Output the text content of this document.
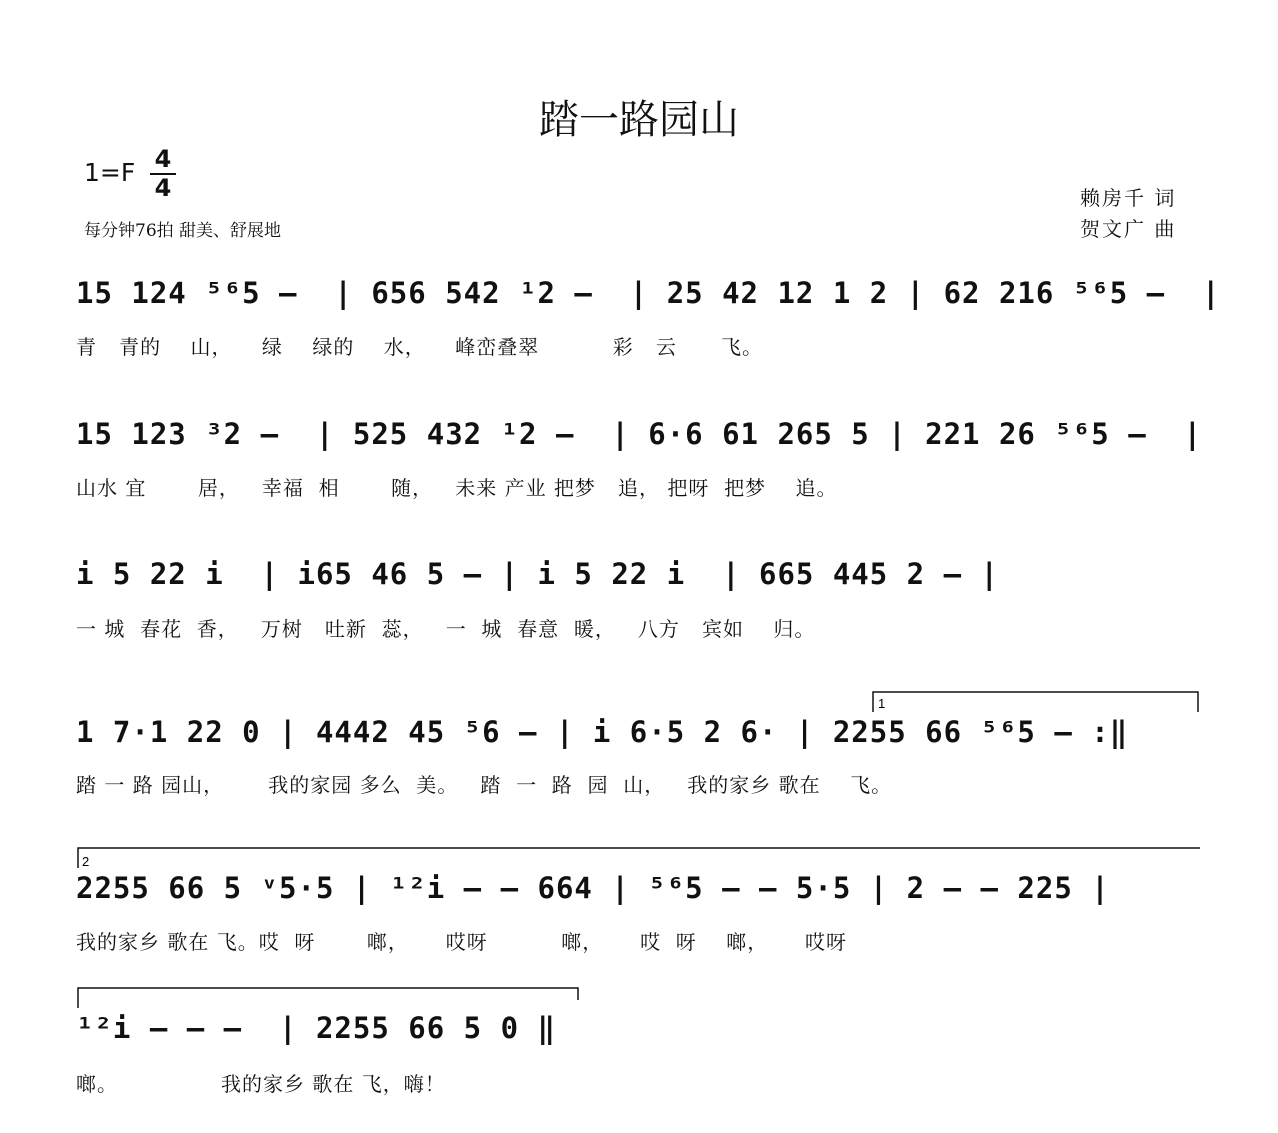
踏一路园山
1=F 4
4
每分钟76拍 甜美、舒展地
赖房千 词
贺文广 曲
15 124 ⁵⁶5 –  | 656 542 ¹2 –  | 25 42 12 1 2 | 62 216 ⁵⁶5 –  |
青   青的    山，    绿    绿的    水，    峰峦叠翠          彩   云      飞。
15 123 ³2 –  | 525 432 ¹2 –  | 6·6 61 265 5 | 221 26 ⁵⁶5 –  |
山水 宜       居，   幸福  相       随，   未来 产业 把梦   追， 把呀  把梦    追。
i 5 22 i  | i65 46 5 – | i 5 22 i  | 665 445 2 – |
一 城  春花  香，   万树   吐新  蕊，   一  城  春意  暖，   八方   宾如    归。
1 7·1 22 0 | 4442 45 ⁵6 – | i 6·5 2 6· | 2255 66 ⁵⁶5 – :‖
踏 一 路 园山，      我的家园 多么  美。   踏  一  路  园  山，   我的家乡 歌在    飞。
2255 66 5 ᵛ5·5 | ¹²i – – 664 | ⁵⁶5 – – 5·5 | 2 – – 225 |
我的家乡 歌在 飞。哎  呀       啷，     哎呀          啷，     哎  呀    啷，     哎呀
¹²i – – –  | 2255 66 5 0 ‖
啷。              我的家乡 歌在 飞，嗨！
1
2
